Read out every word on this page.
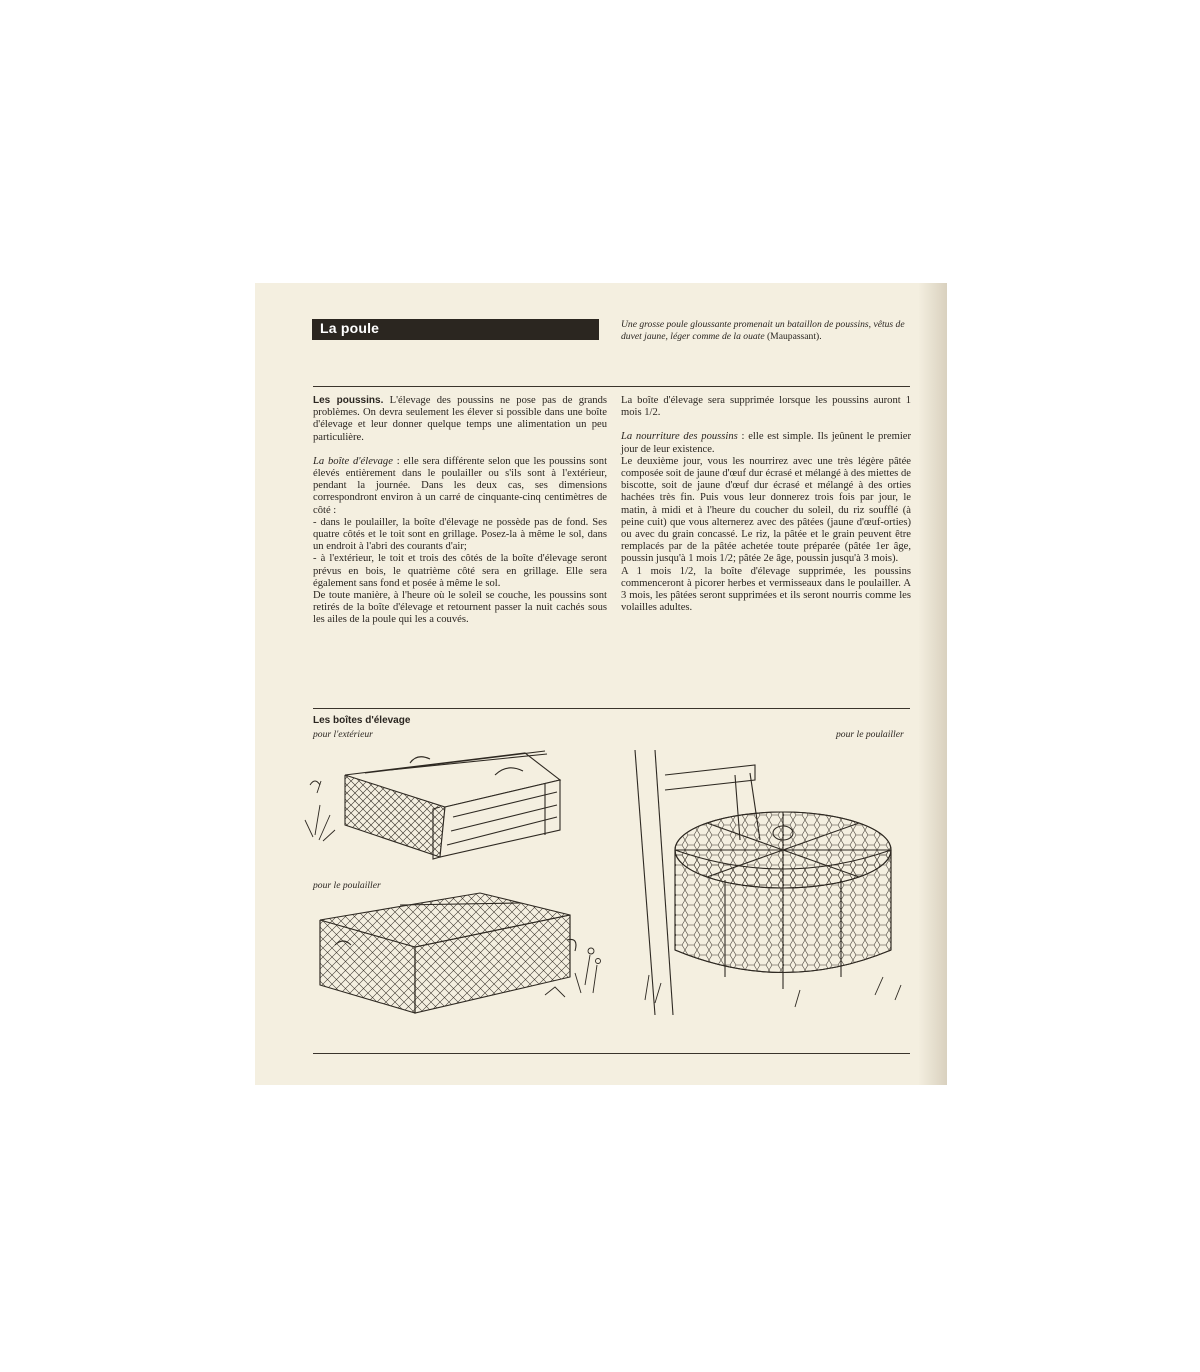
La poule	Une grosse poule gloussante promenait un bataillon de poussins, vêtus de duvet jaune, léger comme de la ouate (Maupassant).

Les poussins. L'élevage des poussins ne pose pas de grands problèmes. On devra seulement les élever si possible dans une boîte d'élevage et leur donner quelque temps une alimentation un peu particulière.

La boîte d'élevage : elle sera différente selon que les poussins sont élevés entièrement dans le poulailler ou s'ils sont à l'extérieur, pendant la journée. Dans les deux cas, ses dimensions correspondront environ à un carré de cinquante-cinq centimètres de côté :

- dans le poulailler, la boîte d'élevage ne possède pas de fond. Ses quatre côtés et le toit sont en grillage. Posez-la à même le sol, dans un endroit à l'abri des courants d'air;

- à l'extérieur, le toit et trois des côtés de la boîte d'élevage seront prévus en bois, le quatrième côté sera en grillage. Elle sera également sans fond et posée à même le sol.

De toute manière, à l'heure où le soleil se couche, les poussins sont retirés de la boîte d'élevage et retournent passer la nuit cachés sous les ailes de la poule qui les a couvés.

La boîte d'élevage sera supprimée lorsque les poussins auront 1 mois 1/2.

La nourriture des poussins : elle est simple. Ils jeûnent le premier jour de leur existence.

Le deuxième jour, vous les nourrirez avec une très légère pâtée composée soit de jaune d'œuf dur écrasé et mélangé à des miettes de biscotte, soit de jaune d'œuf dur écrasé et mélangé à des orties hachées très fin. Puis vous leur donnerez trois fois par jour, le matin, à midi et à l'heure du coucher du soleil, du riz soufflé (à peine cuit) que vous alternerez avec des pâtées (jaune d'œuf-orties) ou avec du grain concassé. Le riz, la pâtée et le grain peuvent être remplacés par de la pâtée achetée toute préparée (pâtée 1er âge, poussin jusqu'à 1 mois 1/2; pâtée 2e âge, poussin jusqu'à 3 mois).

A 1 mois 1/2, la boîte d'élevage supprimée, les poussins commenceront à picorer herbes et vermisseaux dans le poulailler. A 3 mois, les pâtées seront supprimées et ils seront nourris comme les volailles adultes.

Les boîtes d'élevage
pour l'extérieur
pour le poulailler
pour le poulailler
